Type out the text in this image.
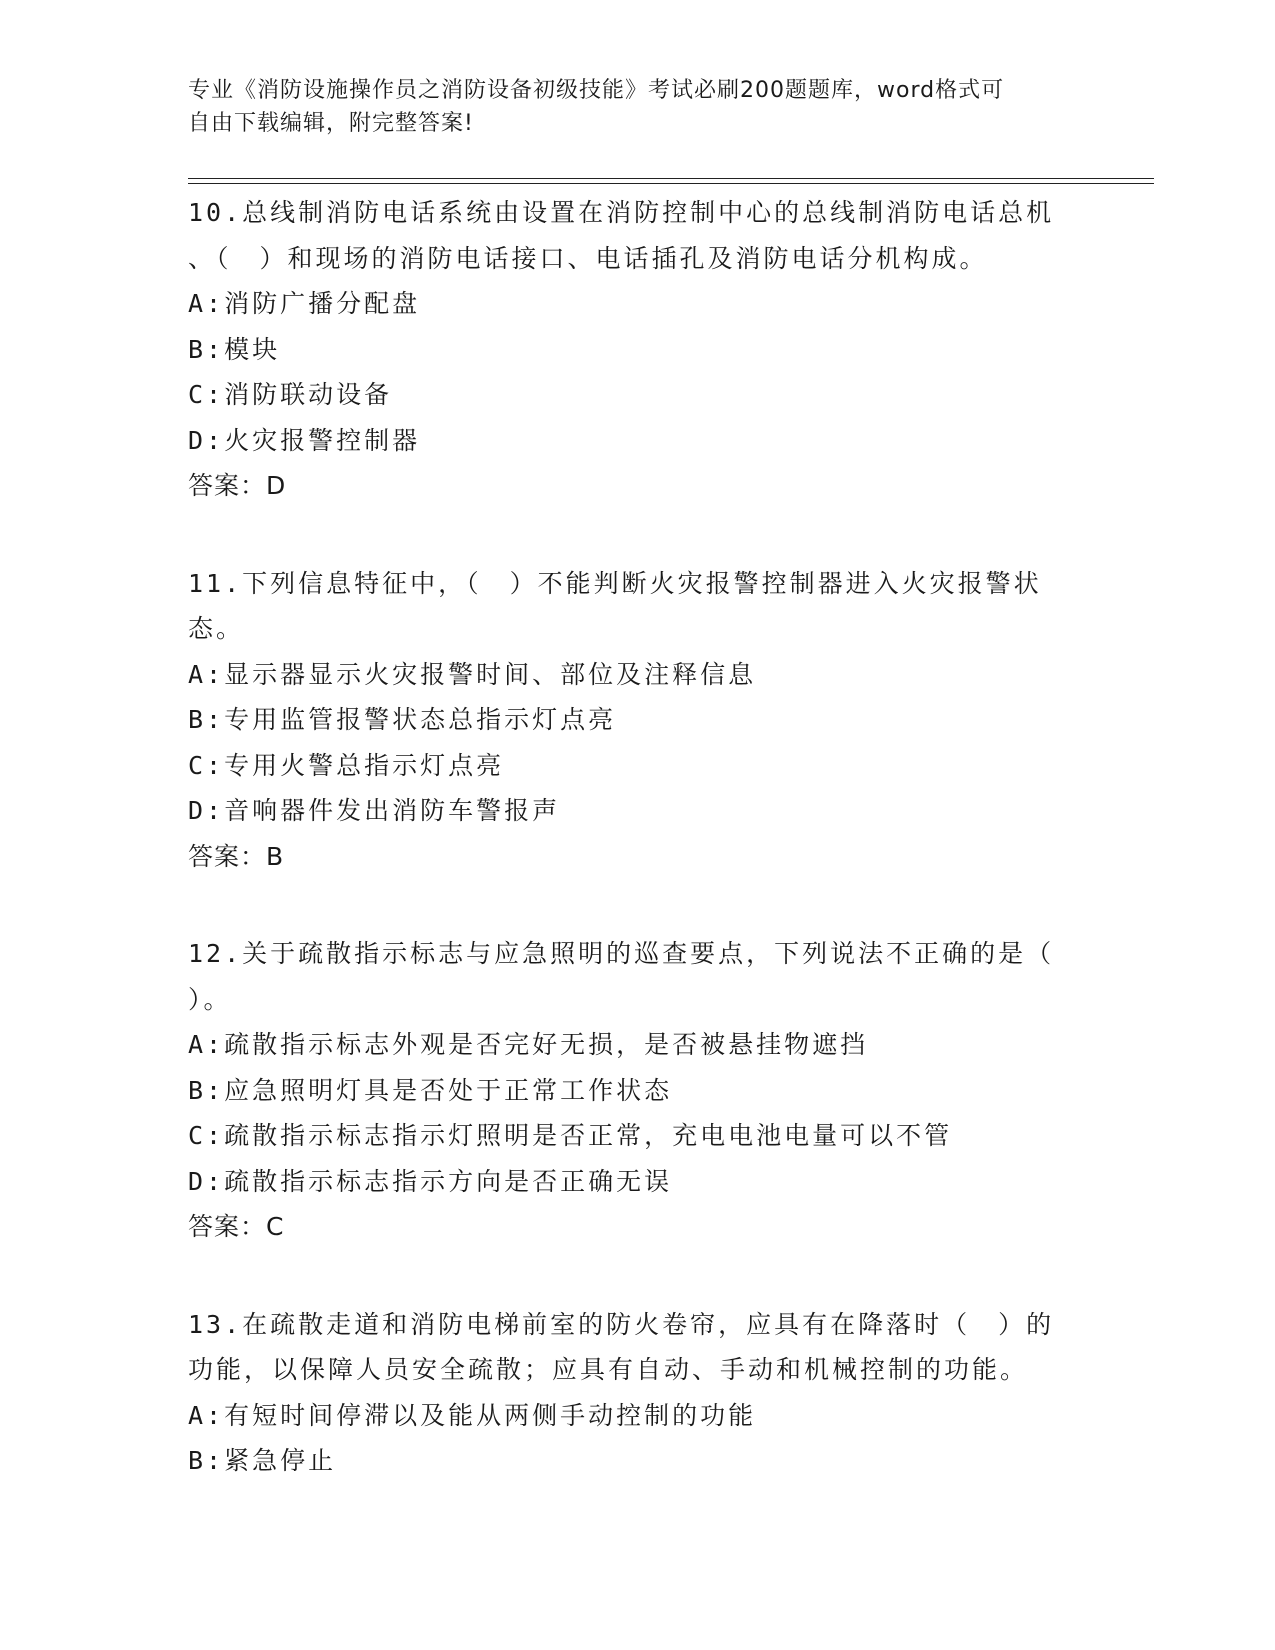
专业《消防设施操作员之消防设备初级技能》考试必刷200题题库，word格式可
自由下载编辑，附完整答案!
10.总线制消防电话系统由设置在消防控制中心的总线制消防电话总机
、（　）和现场的消防电话接口、电话插孔及消防电话分机构成。
A:消防广播分配盘
B:模块
C:消防联动设备
D:火灾报警控制器
答案：D
11.下列信息特征中，（　）不能判断火灾报警控制器进入火灾报警状
态。
A:显示器显示火灾报警时间、部位及注释信息
B:专用监管报警状态总指示灯点亮
C:专用火警总指示灯点亮
D:音响器件发出消防车警报声
答案：B
12.关于疏散指示标志与应急照明的巡查要点，下列说法不正确的是（
）。
A:疏散指示标志外观是否完好无损，是否被悬挂物遮挡
B:应急照明灯具是否处于正常工作状态
C:疏散指示标志指示灯照明是否正常，充电电池电量可以不管
D:疏散指示标志指示方向是否正确无误
答案：C
13.在疏散走道和消防电梯前室的防火卷帘，应具有在降落时（　）的
功能，以保障人员安全疏散；应具有自动、手动和机械控制的功能。
A:有短时间停滞以及能从两侧手动控制的功能
B:紧急停止
